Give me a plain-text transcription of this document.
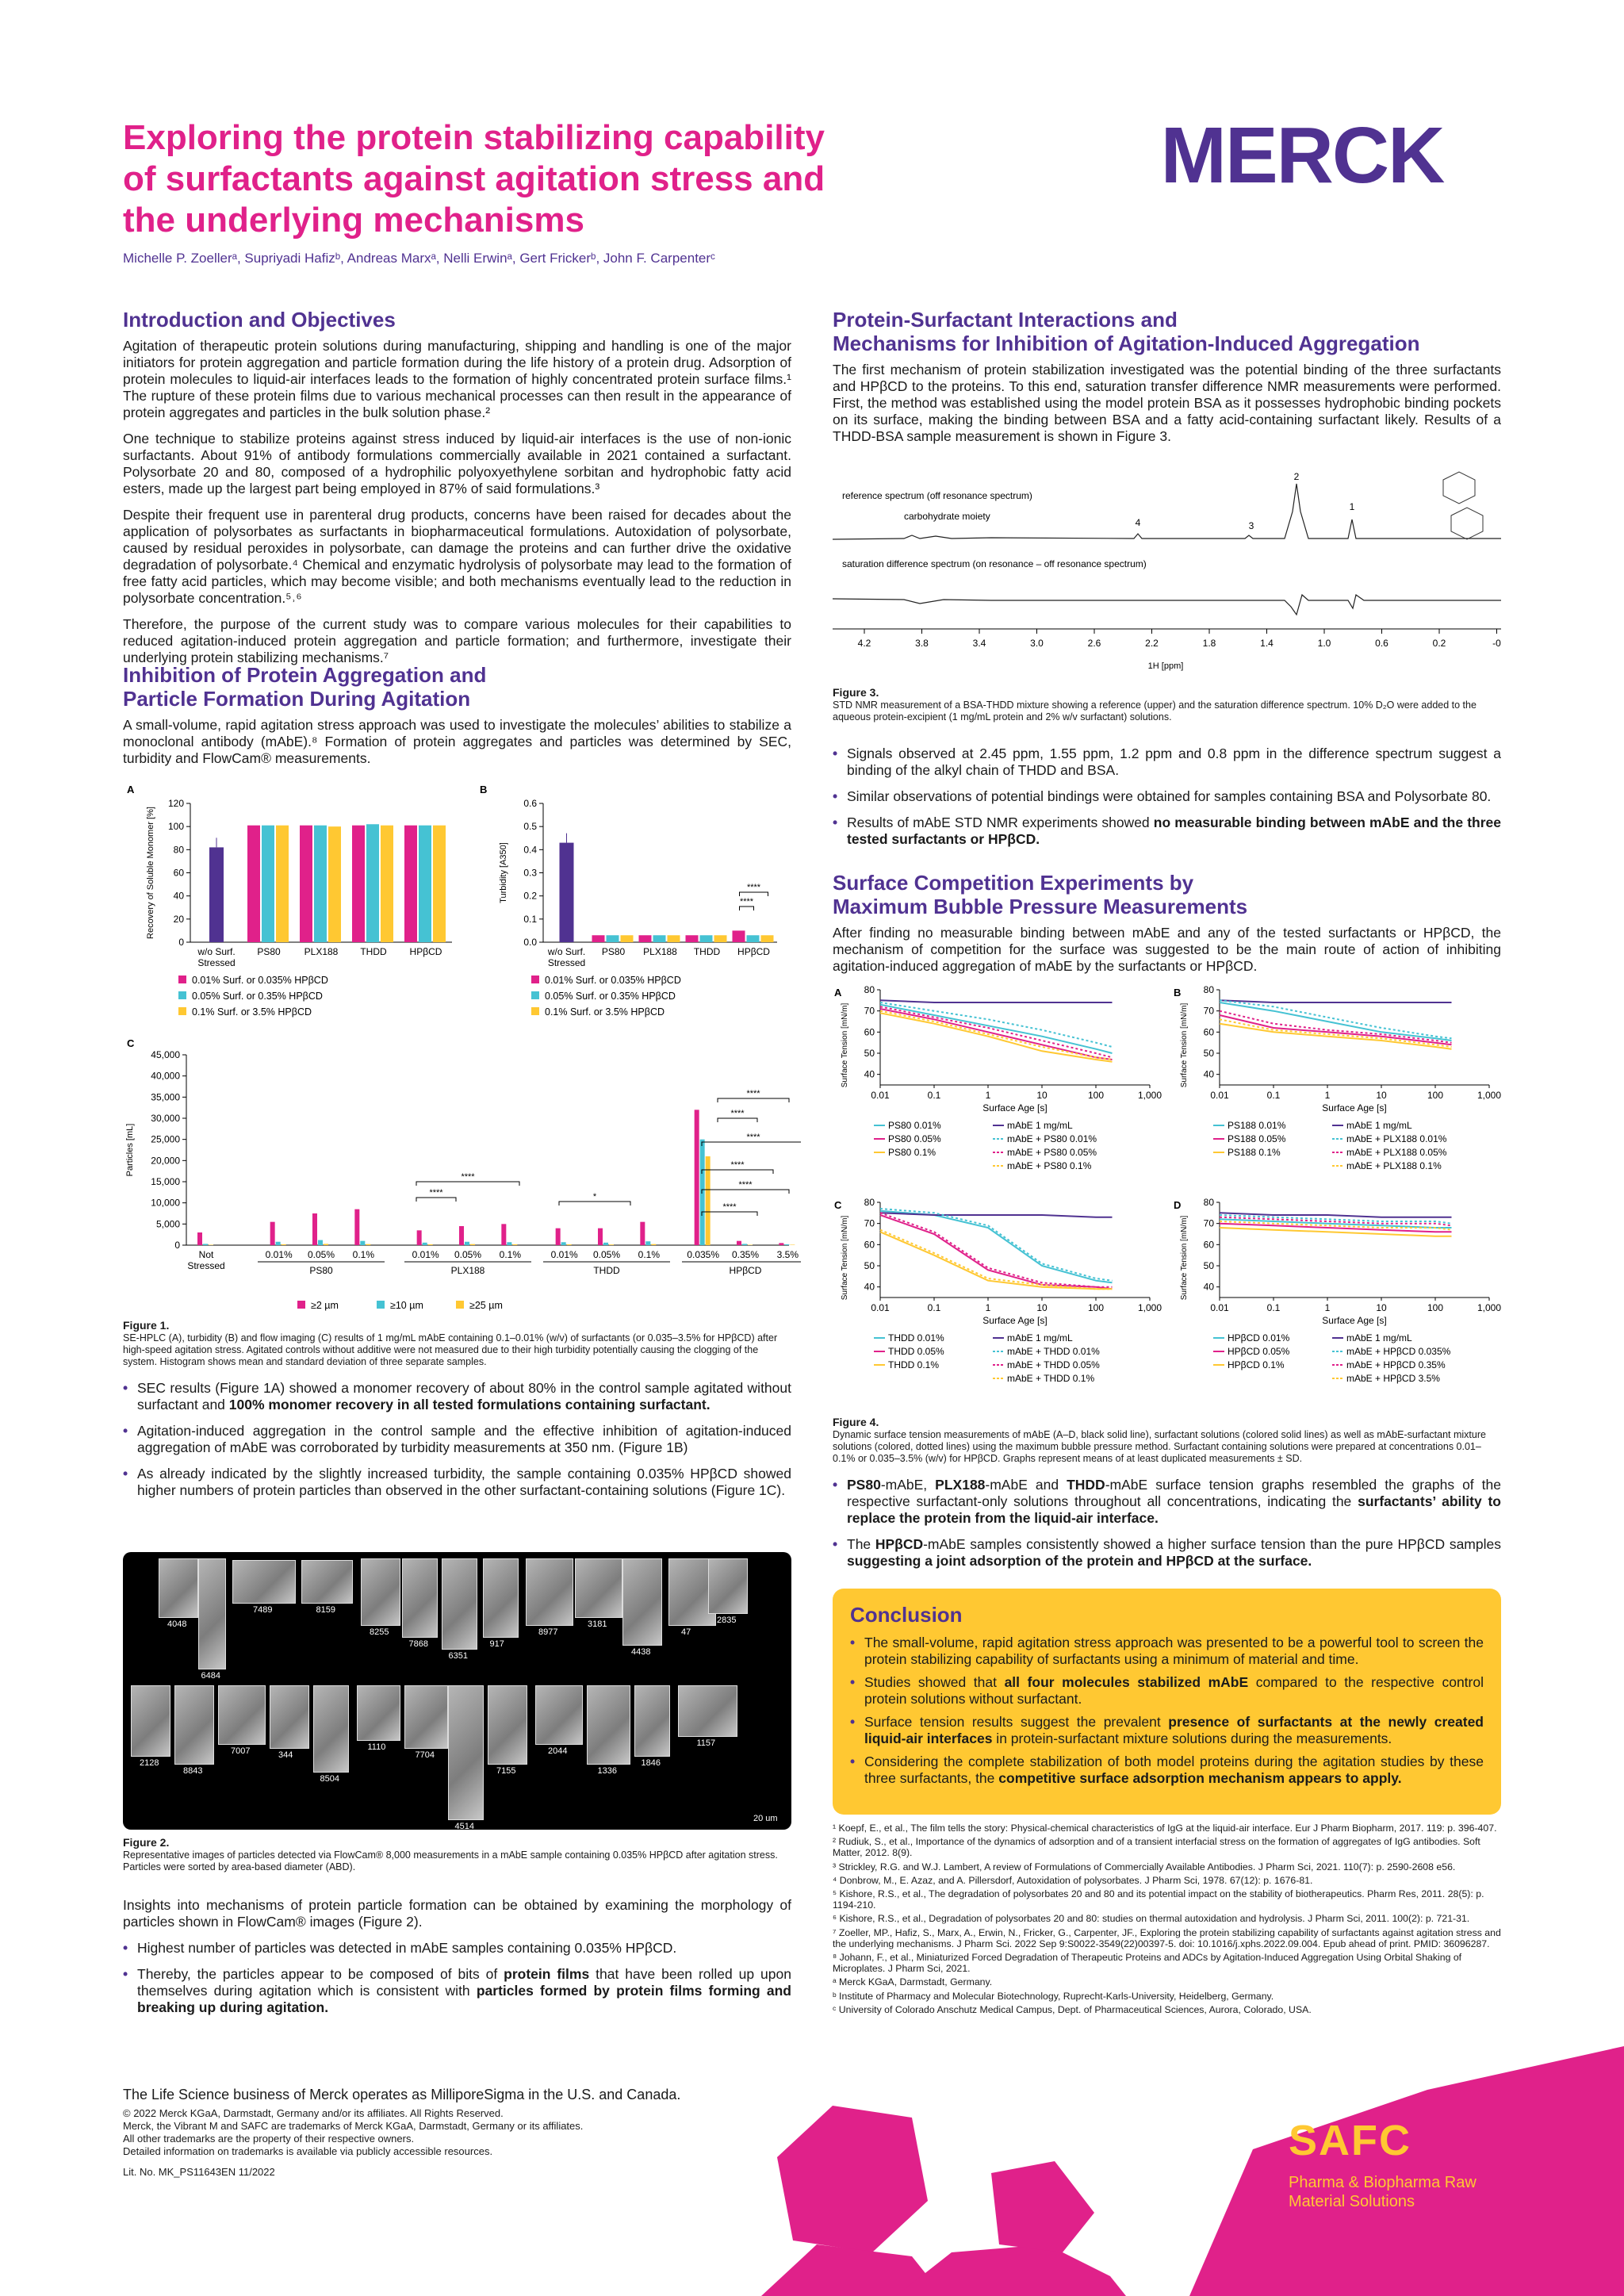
Exploring the protein stabilizing capability
of surfactants against agitation stress and
the underlying mechanisms
Michelle P. Zoellerᵃ, Supriyadi Hafizᵇ, Andreas Marxᵃ, Nelli Erwinᵃ, Gert Frickerᵇ, John F. Carpenterᶜ
MERCK
Introduction and Objectives

Agitation of therapeutic protein solutions during manufacturing, shipping and handling is one of the major initiators for protein aggregation and particle formation during the life history of a protein drug. Adsorption of protein molecules to liquid-air interfaces leads to the formation of highly concentrated protein surface films.¹ The rupture of these protein films due to various mechanical processes can then result in the appearance of protein aggregates and particles in the bulk solution phase.²

One technique to stabilize proteins against stress induced by liquid-air interfaces is the use of non-ionic surfactants. About 91% of antibody formulations commercially available in 2021 contained a surfactant. Polysorbate 20 and 80, composed of a hydrophilic polyoxyethylene sorbitan and hydrophobic fatty acid esters, made up the largest part being employed in 87% of said formulations.³

Despite their frequent use in parenteral drug products, concerns have been raised for decades about the application of polysorbates as surfactants in biopharmaceutical formulations. Autoxidation of polysorbate, caused by residual peroxides in polysorbate, can damage the proteins and can further drive the oxidative degradation of polysorbate.⁴ Chemical and enzymatic hydrolysis of polysorbate may lead to the formation of free fatty acid particles, which may become visible; and both mechanisms eventually lead to the reduction in polysorbate concentration.⁵˒⁶

Therefore, the purpose of the current study was to compare various molecules for their capabilities to reduced agitation-induced protein aggregation and particle formation; and furthermore, investigate their underlying protein stabilizing mechanisms.⁷

Inhibition of Protein Aggregation and
Particle Formation During Agitation

A small-volume, rapid agitation stress approach was used to investigate the molecules’ abilities to stabilize a monoclonal antibody (mAbE).⁸ Formation of protein aggregates and particles was determined by SEC, turbidity and FlowCam® measurements.

A
0
20
40
60
80
100
120
Recovery of Soluble Monomer [%]
w/o Surf.
Stressed
PS80 PLX188 THDD HPβCD
0.01% Surf. or 0.035% HPβCD
0.05% Surf. or 0.35% HPβCD
0.1% Surf. or 3.5% HPβCD
B
0.0
0.1
0.2
0.3
0.4
0.5
0.6
Turbidity [A350]
w/o Surf.
Stressed
PS80 PLX188 THDD HPβCD
****
****
0.01% Surf. or 0.035% HPβCD
0.05% Surf. or 0.35% HPβCD
0.1% Surf. or 3.5% HPβCD
C
0
5,000
10,000
15,000
20,000
25,000
30,000
35,000
40,000
45,000
Particles [mL]
Not
Stressed
0.01% 0.05% 0.1%
PS80
0.01% 0.05% 0.1%
PLX188
0.01% 0.05% 0.1%
THDD
0.035% 0.35% 3.5%
HPβCD
****
****
*
****
****
****
****
****
****
≥2 µm	≥10 µm	≥25 µm
Figure 1.
SE-HPLC (A), turbidity (B) and flow imaging (C) results of 1 mg/mL mAbE containing 0.1–0.01% (w/v) of surfactants (or 0.035–3.5% for HPβCD) after high-speed agitation stress. Agitated controls without additive were not measured due to their high turbidity potentially causing the clogging of the system. Histogram shows mean and standard deviation of three separate samples.
• SEC results (Figure 1A) showed a monomer recovery of about 80% in the control sample agitated without surfactant and 100% monomer recovery in all tested formulations containing surfactant.
• Agitation-induced aggregation in the control sample and the effective inhibition of agitation-induced aggregation of mAbE was corroborated by turbidity measurements at 350 nm. (Figure 1B)
• As already indicated by the slightly increased turbidity, the sample containing 0.035% HPβCD showed higher numbers of protein particles than observed in the other surfactant-containing solutions (Figure 1C).
4048
6484
7489	8159
8255
7868
6351
917
8977
3181
4438
47
2835
2128
8843
7007	344
8504
1110
7704
4514
7155
2044
1336
1846
1157
20 um
Figure 2.
Representative images of particles detected via FlowCam® 8,000 measurements in a mAbE sample containing 0.035% HPβCD after agitation stress. Particles were sorted by area-based diameter (ABD).

Insights into mechanisms of protein particle formation can be obtained by examining the morphology of particles shown in FlowCam® images (Figure 2).

• Highest number of particles was detected in mAbE samples containing 0.035% HPβCD.
• Thereby, the particles appear to be composed of bits of protein films that have been rolled up upon themselves during agitation which is consistent with particles formed by protein films forming and breaking up during agitation.
Protein-Surfactant Interactions and
Mechanisms for Inhibition of Agitation-Induced Aggregation

The first mechanism of protein stabilization investigated was the potential binding of the three surfactants and HPβCD to the proteins. To this end, saturation transfer difference NMR measurements were performed. First, the method was established using the model protein BSA as it possesses hydrophobic binding pockets on its surface, making the binding between BSA and a fatty acid-containing surfactant likely. Results of a THDD-BSA sample measurement is shown in Figure 3.

reference spectrum (off resonance spectrum)
carbohydrate moiety
saturation difference spectrum (on resonance – off resonance spectrum)
4	3
2
1
4.2	3.8	3.4	3.0	2.6	2.2	1.8	1.4	1.0	0.6	0.2	-0
1H [ppm]
Figure 3.
STD NMR measurement of a BSA-THDD mixture showing a reference (upper) and the saturation difference spectrum. 10% D₂O were added to the aqueous protein-excipient (1 mg/mL protein and 2% w/v surfactant) solutions.
• Signals observed at 2.45 ppm, 1.55 ppm, 1.2 ppm and 0.8 ppm in the difference spectrum suggest a binding of the alkyl chain of THDD and BSA.
• Similar observations of potential bindings were obtained for samples containing BSA and Polysorbate 80.
• Results of mAbE STD NMR experiments showed no measurable binding between mAbE and the three tested surfactants or HPβCD.
Surface Competition Experiments by
Maximum Bubble Pressure Measurements

After finding no measurable binding between mAbE and any of the tested surfactants or HPβCD, the mechanism of competition for the surface was suggested to be the main route of action of inhibiting agitation-induced aggregation of mAbE by the surfactants or HPβCD.

A
40
50
60
70
80
0.01	0.1	1	10	100	1,000
Surface Age [s]
Surface Tension [mN/m]
PS80 0.01%
PS80 0.05%
PS80 0.1%
mAbE 1 mg/mL
mAbE + PS80 0.01%
mAbE + PS80 0.05%
mAbE + PS80 0.1%
B
40
50
60
70
80
0.01	0.1	1	10	100	1,000
Surface Age [s]
Surface Tension [mN/m]
PS188 0.01%
PS188 0.05%
PS188 0.1%
mAbE 1 mg/mL
mAbE + PLX188 0.01%
mAbE + PLX188 0.05%
mAbE + PLX188 0.1%
C
40
50
60
70
80
0.01	0.1	1	10	100	1,000
Surface Age [s]
Surface Tension [mN/m]
THDD 0.01%
THDD 0.05%
THDD 0.1%
mAbE 1 mg/mL
mAbE + THDD 0.01%
mAbE + THDD 0.05%
mAbE + THDD 0.1%
D
40
50
60
70
80
0.01	0.1	1	10	100	1,000
Surface Age [s]
Surface Tension [mN/m]
HPβCD 0.01%
HPβCD 0.05%
HPβCD 0.1%
mAbE 1 mg/mL
mAbE + HPβCD 0.035%
mAbE + HPβCD 0.35%
mAbE + HPβCD 3.5%
Figure 4.
Dynamic surface tension measurements of mAbE (A–D, black solid line), surfactant solutions (colored solid lines) as well as mAbE-surfactant mixture solutions (colored, dotted lines) using the maximum bubble pressure method. Surfactant containing solutions were prepared at concentrations 0.01–0.1% or 0.035–3.5% (w/v) for HPβCD. Graphs represent means of at least duplicated measurements ± SD.
• PS80-mAbE, PLX188-mAbE and THDD-mAbE surface tension graphs resembled the graphs of the respective surfactant-only solutions throughout all concentrations, indicating the surfactants’ ability to replace the protein from the liquid-air interface.
• The HPβCD-mAbE samples consistently showed a higher surface tension than the pure HPβCD samples suggesting a joint adsorption of the protein and HPβCD at the surface.
Conclusion
• The small-volume, rapid agitation stress approach was presented to be a powerful tool to screen the protein stabilizing capability of surfactants using a minimum of material and time.
• Studies showed that all four molecules stabilized mAbE compared to the respective control protein solutions without surfactant.
• Surface tension results suggest the prevalent presence of surfactants at the newly created liquid-air interfaces in protein-surfactant mixture solutions during the measurements.
• Considering the complete stabilization of both model proteins during the agitation studies by these three surfactants, the competitive surface adsorption mechanism appears to apply.
¹ Koepf, E., et al., The film tells the story: Physical-chemical characteristics of IgG at the liquid-air interface. Eur J Pharm Biopharm, 2017. 119: p. 396-407.
² Rudiuk, S., et al., Importance of the dynamics of adsorption and of a transient interfacial stress on the formation of aggregates of IgG antibodies. Soft Matter, 2012. 8(9).
³ Strickley, R.G. and W.J. Lambert, A review of Formulations of Commercially Available Antibodies. J Pharm Sci, 2021. 110(7): p. 2590-2608 e56.
⁴ Donbrow, M., E. Azaz, and A. Pillersdorf, Autoxidation of polysorbates. J Pharm Sci, 1978. 67(12): p. 1676-81.
⁵ Kishore, R.S., et al., The degradation of polysorbates 20 and 80 and its potential impact on the stability of biotherapeutics. Pharm Res, 2011. 28(5): p. 1194-210.
⁶ Kishore, R.S., et al., Degradation of polysorbates 20 and 80: studies on thermal autoxidation and hydrolysis. J Pharm Sci, 2011. 100(2): p. 721-31.
⁷ Zoeller, MP., Hafiz, S., Marx, A., Erwin, N., Fricker, G., Carpenter, JF., Exploring the protein stabilizing capability of surfactants against agitation stress and the underlying mechanisms. J Pharm Sci. 2022 Sep 9:S0022-3549(22)00397-5. doi: 10.1016/j.xphs.2022.09.004. Epub ahead of print. PMID: 36096287.
⁸ Johann, F., et al., Miniaturized Forced Degradation of Therapeutic Proteins and ADCs by Agitation-Induced Aggregation Using Orbital Shaking of Microplates. J Pharm Sci, 2021.
ᵃ Merck KGaA, Darmstadt, Germany.
ᵇ Institute of Pharmacy and Molecular Biotechnology, Ruprecht-Karls-University, Heidelberg, Germany.
ᶜ University of Colorado Anschutz Medical Campus, Dept. of Pharmaceutical Sciences, Aurora, Colorado, USA.
SAFC
Pharma & Biopharma Raw Material Solutions
The Life Science business of Merck operates as MilliporeSigma in the U.S. and Canada.
© 2022 Merck KGaA, Darmstadt, Germany and/or its affiliates. All Rights Reserved.
Merck, the Vibrant M and SAFC are trademarks of Merck KGaA, Darmstadt, Germany or its affiliates.
All other trademarks are the property of their respective owners.
Detailed information on trademarks is available via publicly accessible resources.
Lit. No. MK_PS11643EN 11/2022
